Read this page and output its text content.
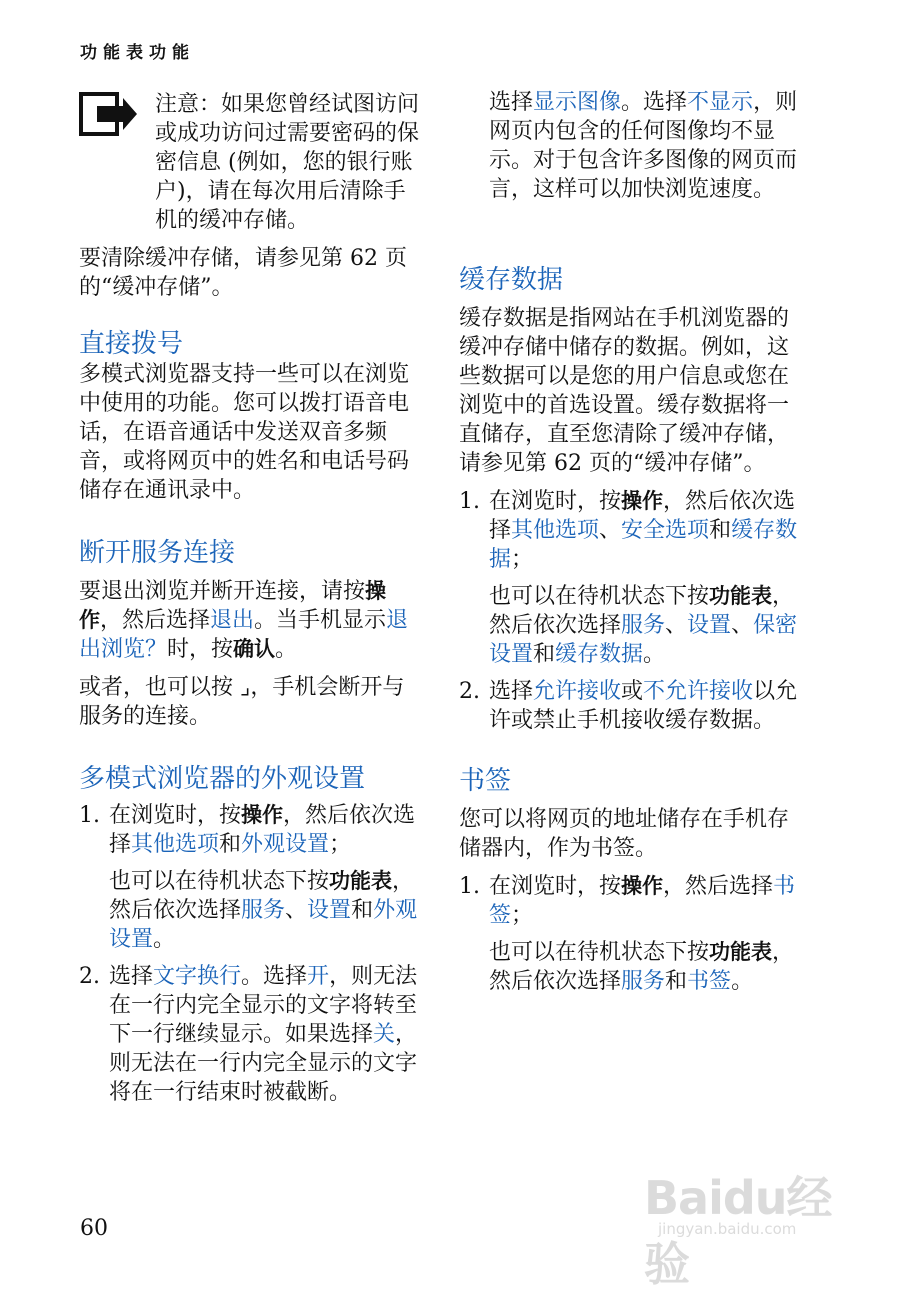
功能表功能

注意：如果您曾经试图访问或成功访问过需要密码的保密信息 (例如，您的银行账户)，请在每次用后清除手机的缓冲存储。

要清除缓冲存储，请参见第 62 页的“缓冲存储”。

直接拨号

多模式浏览器支持一些可以在浏览中使用的功能。您可以拨打语音电话，在语音通话中发送双音多频音，或将网页中的姓名和电话号码储存在通讯录中。

断开服务连接

要退出浏览并断开连接，请按操作，然后选择退出。当手机显示退出浏览？时，按确认。

或者，也可以按 ⌟，手机会断开与服务的连接。

多模式浏览器的外观设置
1. 在浏览时，按操作，然后依次选择其他选项和外观设置；

也可以在待机状态下按功能表，然后依次选择服务、设置和外观设置。

2. 选择文字换行。选择开，则无法在一行内完全显示的文字将转至下一行继续显示。如果选择关，则无法在一行内完全显示的文字将在一行结束时被截断。

选择显示图像。选择不显示，则网页内包含的任何图像均不显示。对于包含许多图像的网页而言，这样可以加快浏览速度。

缓存数据

缓存数据是指网站在手机浏览器的缓冲存储中储存的数据。例如，这些数据可以是您的用户信息或您在浏览中的首选设置。缓存数据将一直储存，直至您清除了缓冲存储，请参见第 62 页的“缓冲存储”。

1. 在浏览时，按操作，然后依次选择其他选项、安全选项和缓存数据；

也可以在待机状态下按功能表，然后依次选择服务、设置、保密设置和缓存数据。

2. 选择允许接收或不允许接收以允许或禁止手机接收缓存数据。

书签

您可以将网页的地址储存在手机存储器内，作为书签。

1. 在浏览时，按操作，然后选择书签；

也可以在待机状态下按功能表，然后依次选择服务和书签。

60
Baidu经验
jingyan.baidu.com
